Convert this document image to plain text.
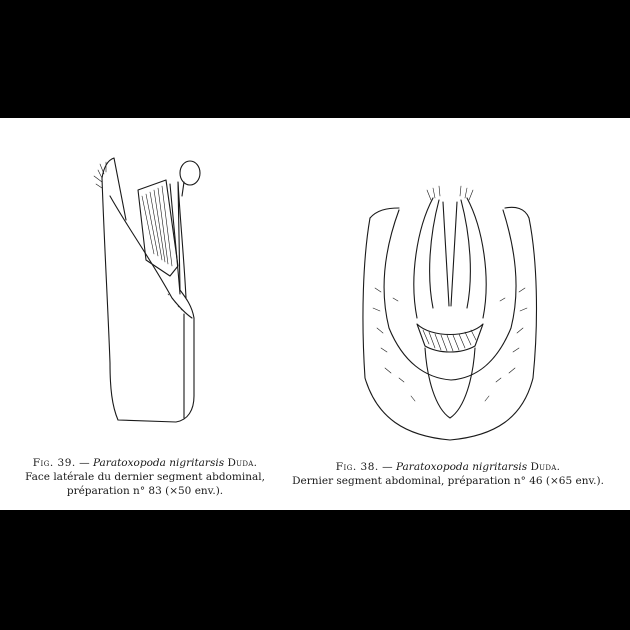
Fig. 39. — Paratoxopoda nigritarsis Duda.
Face latérale du dernier segment abdominal,
préparation n° 83 (×50 env.).
Fig. 38. — Paratoxopoda nigritarsis Duda.
Dernier segment abdominal, préparation n° 46 (×65 env.).
